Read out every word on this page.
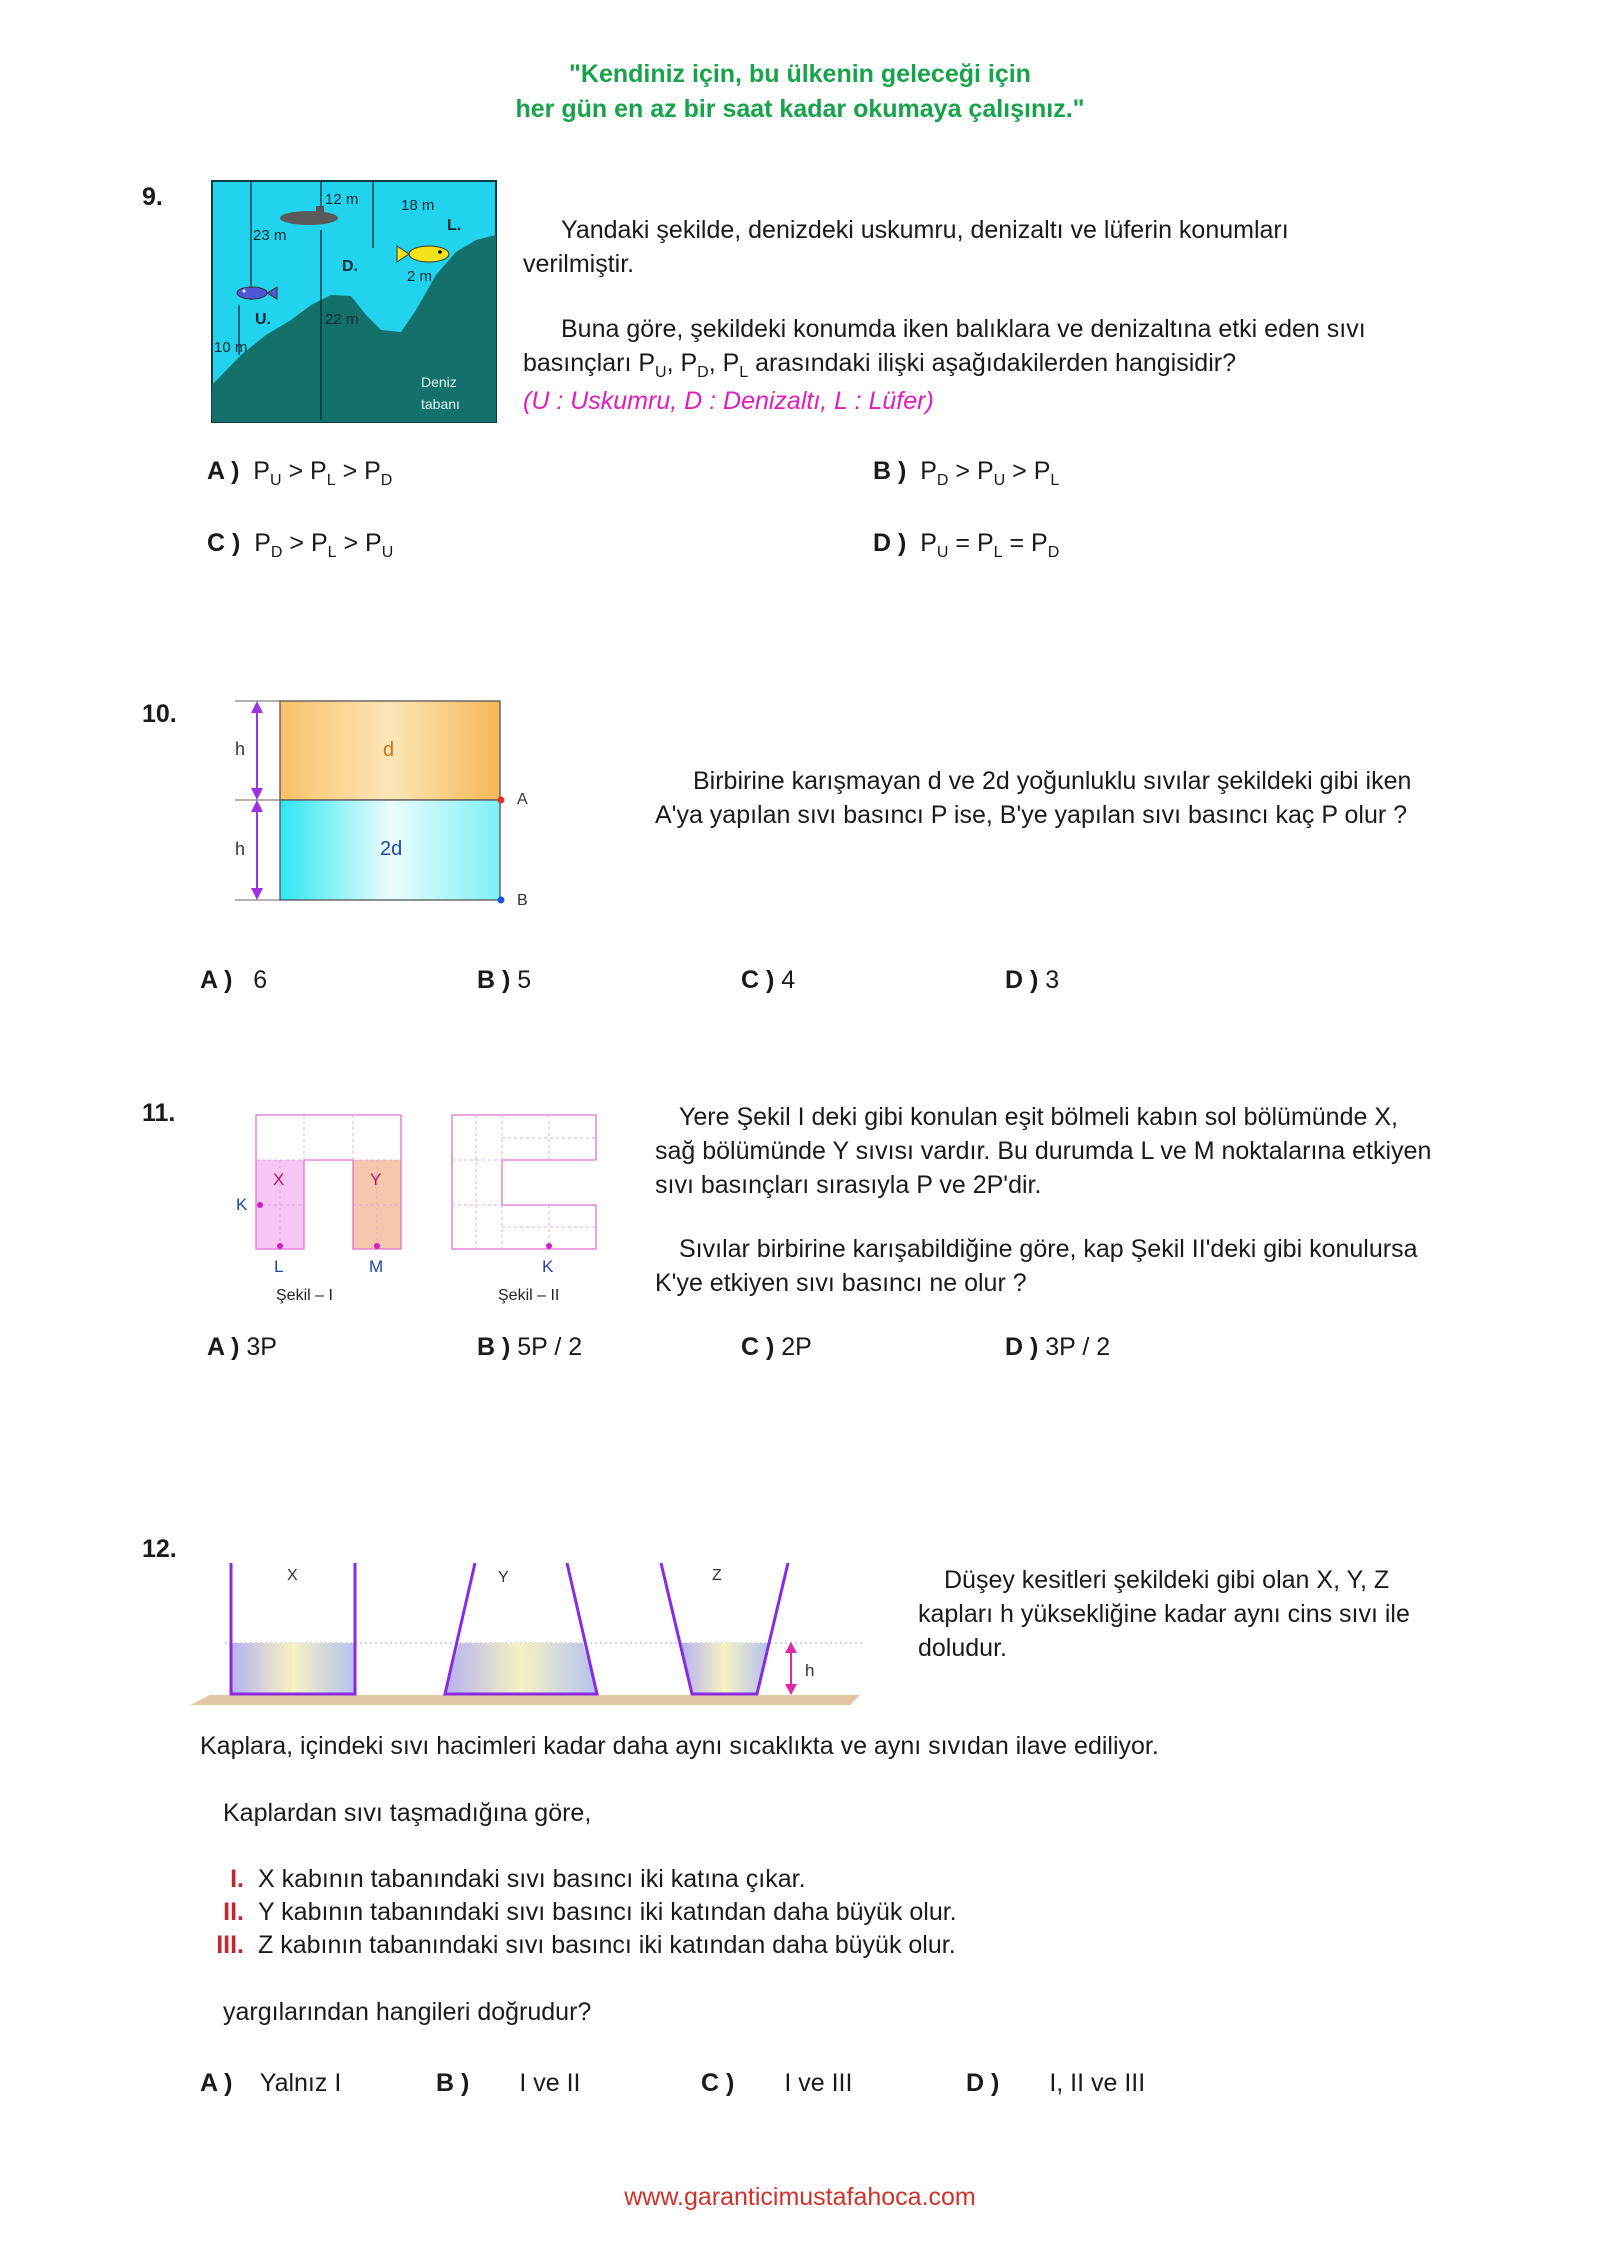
"Kendiniz için, bu ülkenin geleceği için
her gün en az bir saat kadar okumaya çalışınız."
9.	12 m	18 m
23 m
L.
D.
2 m
U.	22 m
10 m
Deniz
tabanı
Yandaki şekilde, denizdeki uskumru, denizaltı ve lüferin konumları verilmiştir.
Buna göre, şekildeki konumda iken balıklara ve denizaltına etki eden sıvı basınçları $P_U$, $P_D$, $P_L$ arasındaki ilişki aşağıdakilerden hangisidir?
(U : Uskumru, D : Denizaltı, L : Lüfer)
A )  $P_U > P_L > P_D$	B )  $P_D > P_U > P_L$
C )  $P_D > P_L > P_U$	D )  $P_U = P_L = P_D$
10.
h
h
d
2d
A
B
Birbirine karışmayan d ve 2d yoğunluklu sıvılar şekildeki gibi iken A'ya yapılan sıvı basıncı P ise, B'ye yapılan sıvı basıncı kaç P olur ?
A ) 6	B ) 5	C ) 4	D ) 3
11.
K
X	Y
L	M
Şekil – I
K
Şekil – II
Yere Şekil I deki gibi konulan eşit bölmeli kabın sol bölümünde X, sağ bölümünde Y sıvısı vardır. Bu durumda L ve M noktalarına etkiyen sıvı basınçları sırasıyla P ve 2P'dir.
Sıvılar birbirine karışabildiğine göre, kap Şekil II'deki gibi konulursa K'ye etkiyen sıvı basıncı ne olur ?
A ) 3P	B ) 5P / 2	C ) 2P	D ) 3P / 2
12.
X	Y	Z
h
Düşey kesitleri şekildeki gibi olan X, Y, Z kapları h yüksekliğine kadar aynı cins sıvı ile doludur.
Kaplara, içindeki sıvı hacimleri kadar daha aynı sıcaklıkta ve aynı sıvıdan ilave ediliyor.
Kaplardan sıvı taşmadığına göre,
I. X kabının tabanındaki sıvı basıncı iki katına çıkar.
II. Y kabının tabanındaki sıvı basıncı iki katından daha büyük olur.
III. Z kabının tabanındaki sıvı basıncı iki katından daha büyük olur.
yargılarından hangileri doğrudur?
A ) Yalnız I	B ) I ve II	C ) I ve III	D ) I, II ve III
www.garanticimustafahoca.com
